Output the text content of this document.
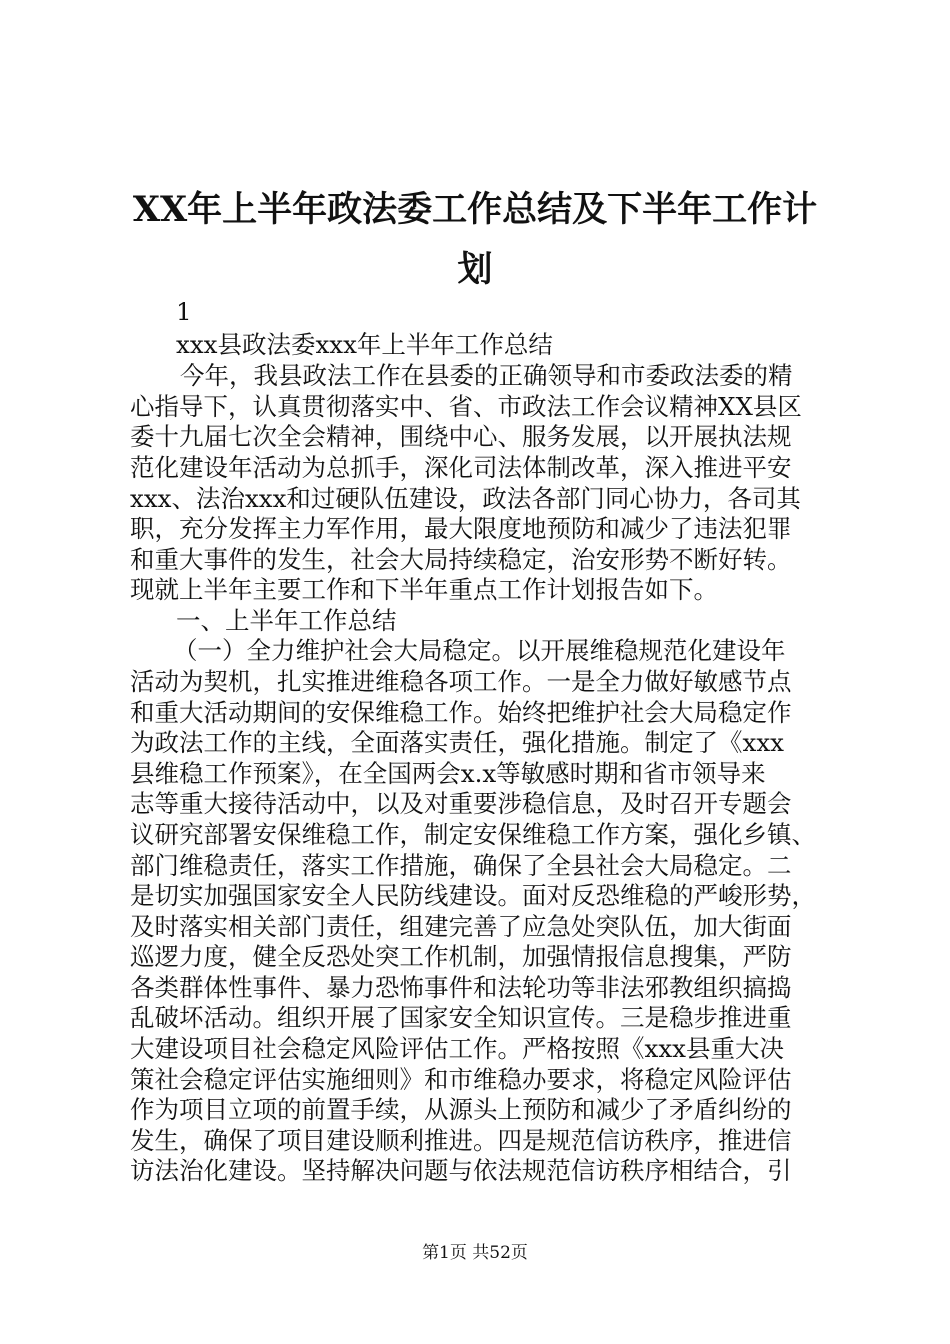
XX年上半年政法委工作总结及下半年工作计
划
1
xxx县政法委xxx年上半年工作总结
今年，我县政法工作在县委的正确领导和市委政法委的精
心指导下，认真贯彻落实中、省、市政法工作会议精神XX县区
委十九届七次全会精神，围绕中心、服务发展，以开展执法规
范化建设年活动为总抓手，深化司法体制改革，深入推进平安
xxx、法治xxx和过硬队伍建设，政法各部门同心协力，各司其
职，充分发挥主力军作用，最大限度地预防和减少了违法犯罪
和重大事件的发生，社会大局持续稳定，治安形势不断好转。
现就上半年主要工作和下半年重点工作计划报告如下。
一、上半年工作总结
（一）全力维护社会大局稳定。以开展维稳规范化建设年
活动为契机，扎实推进维稳各项工作。一是全力做好敏感节点
和重大活动期间的安保维稳工作。始终把维护社会大局稳定作
为政法工作的主线，全面落实责任，强化措施。制定了《xxx
县维稳工作预案》，在全国两会x.x等敏感时期和省市领导来
志等重大接待活动中，以及对重要涉稳信息，及时召开专题会
议研究部署安保维稳工作，制定安保维稳工作方案，强化乡镇、
部门维稳责任，落实工作措施，确保了全县社会大局稳定。二
是切实加强国家安全人民防线建设。面对反恐维稳的严峻形势，
及时落实相关部门责任，组建完善了应急处突队伍，加大街面
巡逻力度，健全反恐处突工作机制，加强情报信息搜集，严防
各类群体性事件、暴力恐怖事件和法轮功等非法邪教组织搞捣
乱破坏活动。组织开展了国家安全知识宣传。三是稳步推进重
大建设项目社会稳定风险评估工作。严格按照《xxx县重大决
策社会稳定评估实施细则》和市维稳办要求，将稳定风险评估
作为项目立项的前置手续，从源头上预防和减少了矛盾纠纷的
发生，确保了项目建设顺利推进。四是规范信访秩序，推进信
访法治化建设。坚持解决问题与依法规范信访秩序相结合，引
第1页 共52页
